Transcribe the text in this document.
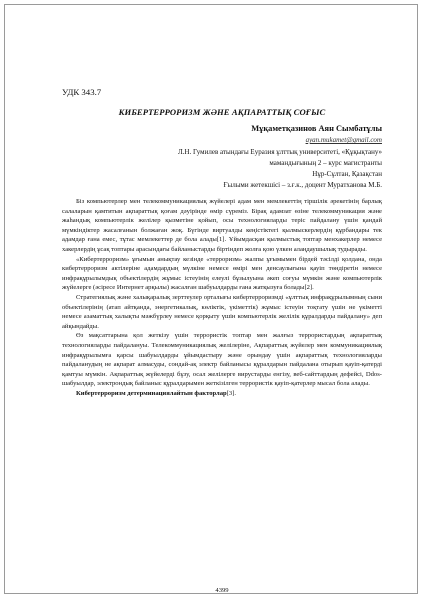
УДК 343.7
КИБЕРТЕРРОРИЗМ ЖӘНЕ АҚПАРАТТЫҚ СОҒЫС
Мұқаметқазинов Аян Сымбатұлы
ayan.mukamet@gmail.com
Л.Н. Гумилев атындағы Еуразия ұлттық университеті, «Құқықтану»
мамандығының 2 – курс магистранты
Нұр-Сұлтан, Қазақстан
Ғылыми жетекшісі – з.ғ.к., доцент Муратханова М.Б.

Біз компьютерлер мен телекоммуникациялық жүйелері адам мен мемлекеттің тіршілік әрекетінің барлық салаларын қамтитын ақпараттық қоғам дәуірінде өмір сүреміз. Бірақ адамзат өзіне телекоммуникация және жаһандық компьютерлік желілер қызметіне қойып, осы технологияларды теріс пайдалану үшін қандай мүмкіндіктер жасалғанын болжаған жоқ. Бүгінде виртуалды кеңістіктегі қылмыскерлердің құрбандары тек адамдар ғана емес, тұтас мемлекеттер де бола алады[1]. Ұйымдасқан қылмыстық топтар менхакерлер немесе хакерлердің ұсақ топтары арасындағы байланыстарды біртіндеп жолға қою үлкен алаңдаушылық тудырады.

«Кибертерроризм» ұғымын анықтау кезінде «терроризм» жалпы ұғымымен бірдей тәсілді қолдана, онда кибертерроризм актілеріне адамдардың мүлкіне немесе өмірі мен денсаулығына қауіп төндіретін немесе инфрақұрылымдық объектілердің жұмыс істеуінің елеулі бұзылуына әкеп соғуы мүмкін және компьютерлік жүйелерге (әсіресе Интернет арқылы) жасалған шабуылдарды ғана жатқызуға болады[2].

Стратегиялық және халықаралық зерттеулер орталығы кибертерроризмді «ұлттық инфрақұрылымның сыни объектілерінің (атап айтқанда, энергетикалық, көліктік, үкіметтік) жұмыс істеуін тоқтату үшін не үкіметті немесе азаматтық халықты мәжбүрлеу немесе қорқыту үшін компьютерлік желілік құралдарды пайдалану» деп айқындайды.

Өз мақсаттарына қол жеткізу үшін террористік топтар мен жалғыз террористардың ақпараттық технологияларды пайдалануы. Телекоммуникациялық желілеріне, Ақпараттық жүйелер мен коммуникациялық инфрақұрылымға қарсы шабуылдарды ұйымдастыру және орындау үшін ақпараттық технологияларды пайдаланудың не ақпарат алмасуды, сондай-ақ электр байланысы құралдарын пайдалана отырып қауіп-қатерді қамтуы мүмкін. Ақпараттық жүйелерді бұзу, осал желілерге вирустарды енгізу, веб-сайттардың дефейсі, Ddos-шабуылдар, электрондық байланыс құралдарымен жеткізілген террористік қауіп-қатерлер мысал бола алады.

Кибертерроризм детерминациялайтын факторлар[3].

4399
